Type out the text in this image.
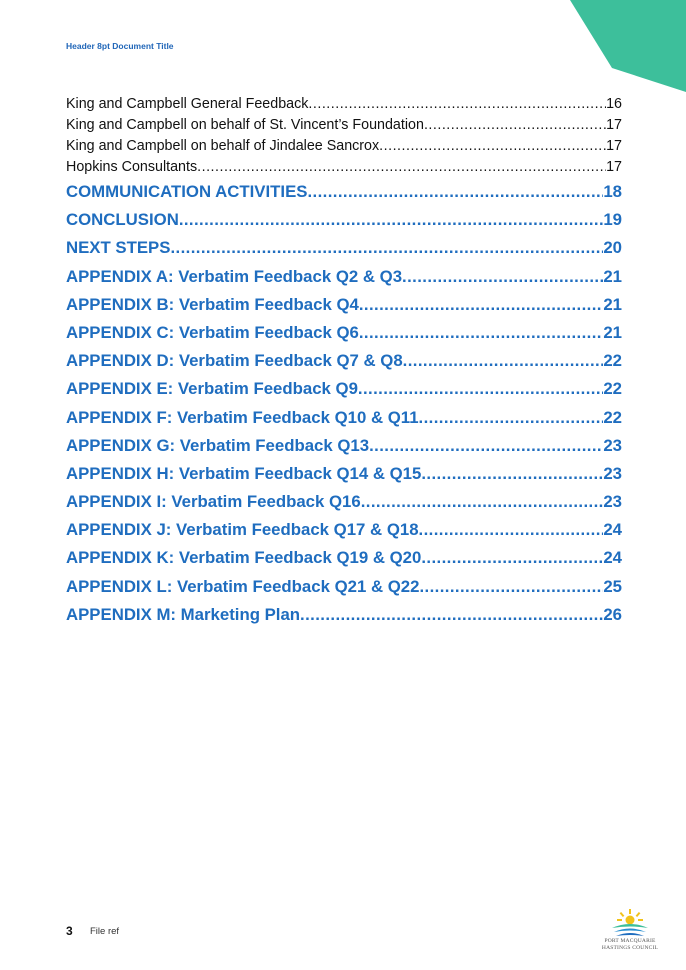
Header 8pt Document Title
King and Campbell General Feedback .....	16
King and Campbell on behalf of St. Vincent’s Foundation .....	17
King and Campbell on behalf of Jindalee Sancrox .....	17
Hopkins Consultants .....	17
COMMUNICATION ACTIVITIES .....	18
CONCLUSION .....	19
NEXT STEPS .....	20
APPENDIX A: Verbatim Feedback Q2 & Q3 .....	21
APPENDIX B: Verbatim Feedback Q4 .....	21
APPENDIX C: Verbatim Feedback Q6 .....	21
APPENDIX D: Verbatim Feedback Q7 & Q8 .....	22
APPENDIX E: Verbatim Feedback Q9 .....	22
APPENDIX F: Verbatim Feedback Q10 & Q11 .....	22
APPENDIX G: Verbatim Feedback Q13 .....	23
APPENDIX H: Verbatim Feedback Q14 & Q15 .....	23
APPENDIX I: Verbatim Feedback Q16 .....	23
APPENDIX J: Verbatim Feedback Q17 & Q18 .....	24
APPENDIX K: Verbatim Feedback Q19 & Q20 .....	24
APPENDIX L: Verbatim Feedback Q21 & Q22 .....	25
APPENDIX M: Marketing Plan .....	26
3 File ref
PORT MACQUARIE HASTINGS COUNCIL
